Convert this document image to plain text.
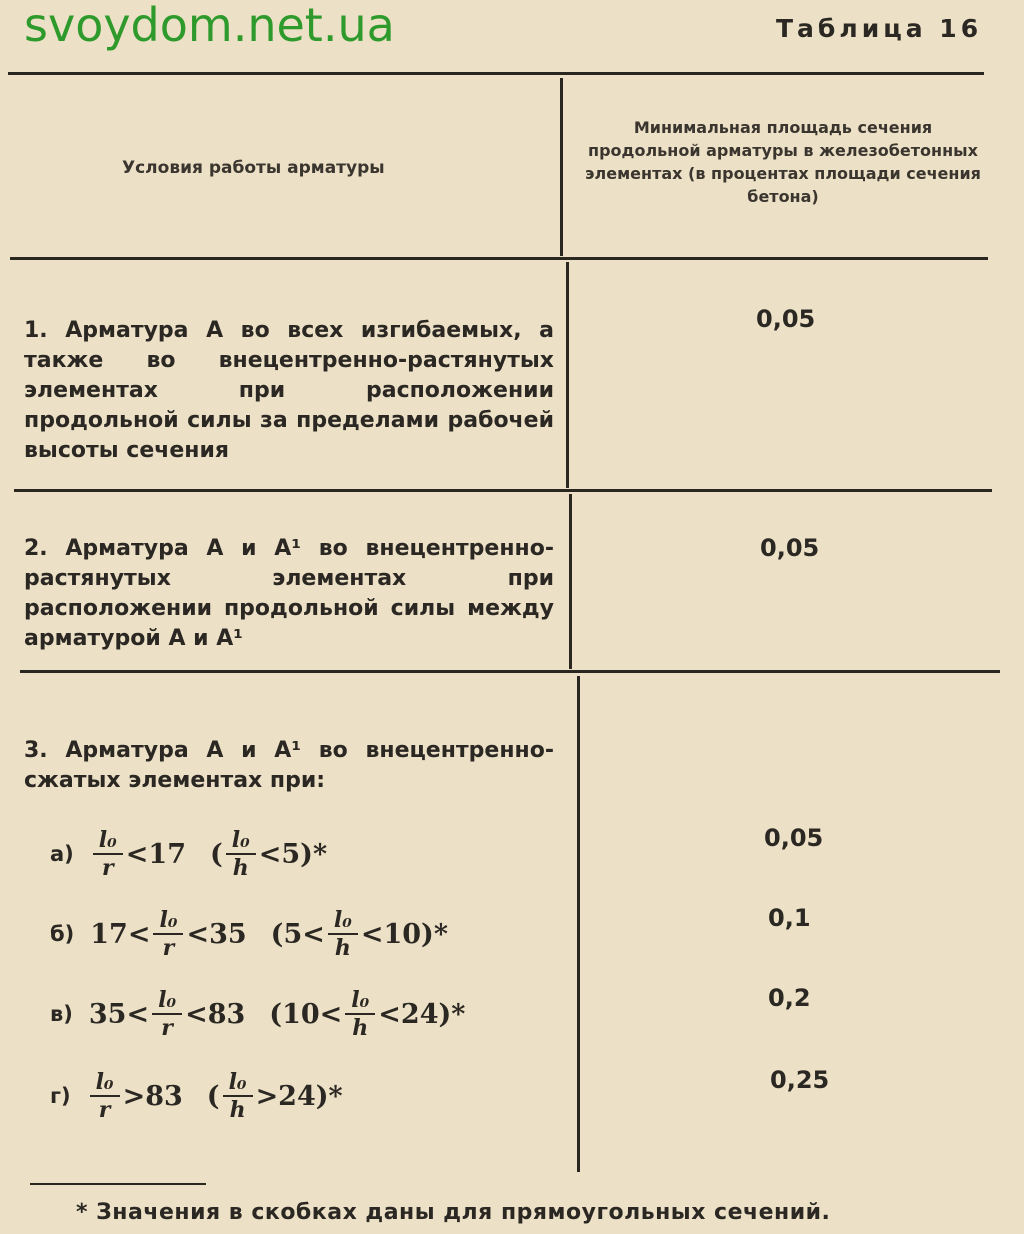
svoydom.net.ua	Таблица 16
Условия работы арматуры
Минимальная площадь сечения продольной арматуры в железобетонных элементах (в процентах площади сечения бетона)
1. Арматура А во всех изгибаемых, а также во внецентренно-растянутых элементах при расположении продольной силы за пределами рабочей высоты сечения
0,05
2. Арматура А и А¹ во внецентренно-растянутых элементах при расположении продольной силы между арматурой А и А¹
0,05
3. Арматура А и А¹ во внецентренно-сжатых элементах при:
$а) \frac{\text{l₀}}{r} <17$ ( $\frac{\text{l₀}}{h} <5)*$
0,05
б) $17< \frac{\text{l₀}}{r} <35$ $(5< \frac{\text{l₀}}{h} <10)*$
0,1
в) $35< \frac{\text{l₀}}{r} <83$ $(10< \frac{\text{l₀}}{h} <24)*$
0,2
$г) \frac{\text{l₀}}{r} >83$ ( $\frac{\text{l₀}}{h} >24)*$
0,25
* Значения в скобках даны для прямоугольных сечений.
